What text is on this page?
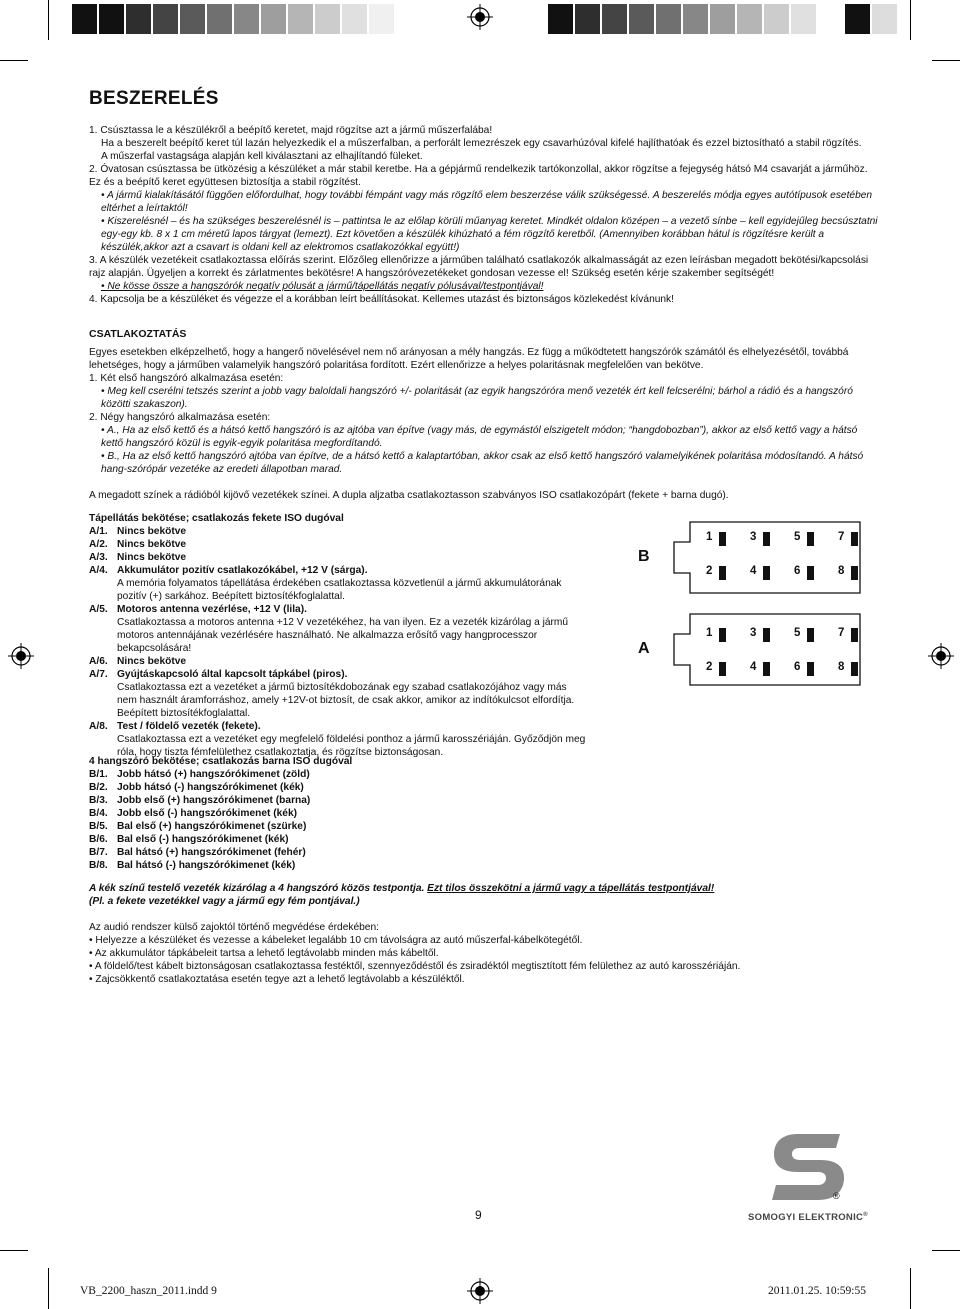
BESZERELÉS

1. Csúsztassa le a készülékről a beépítő keretet, majd rögzítse azt a jármű műszerfalába!

Ha a beszerelt beépítő keret túl lazán helyezkedik el a műszerfalban, a perforált lemezrészek egy csavarhúzóval kifelé hajlíthatóak és ezzel biztosítható a stabil rögzítés.

A műszerfal vastagsága alapján kell kiválasztani az elhajlítandó füleket.

2. Óvatosan csúsztassa be ütközésig a készüléket a már stabil keretbe. Ha a gépjármű rendelkezik tartókonzollal, akkor rögzítse a fejegység hátsó M4 csavarját a járműhöz. Ez és a beépítő keret együttesen biztosítja a stabil rögzítést.

• A jármű kialakításától függően előfordulhat, hogy további fémpánt vagy más rögzítő elem beszerzése válik szükségessé. A beszerelés módja egyes autótípusok esetében eltérhet a leírtaktól!

• Kiszerelésnél – és ha szükséges beszerelésnél is – pattintsa le az előlap körüli műanyag keretet. Mindkét oldalon középen – a vezető sínbe – kell egyidejűleg becsúsztatni egy-egy kb. 8 x 1 cm méretű lapos tárgyat (lemezt). Ezt követően a készülék kihúzható a fém rögzítő keretből. (Amennyiben korábban hátul is rögzítésre került a készülék,akkor azt a csavart is oldani kell az elektromos csatlakozókkal együtt!)

3. A készülék vezetékeit csatlakoztassa előírás szerint. Előzőleg ellenőrizze a járműben található csatlakozók alkalmasságát az ezen leírásban megadott bekötési/kapcsolási rajz alapján. Ügyeljen a korrekt és zárlatmentes bekötésre! A hangszóróvezetékeket gondosan vezesse el! Szükség esetén kérje szakember segítségét!

• Ne kösse össze a hangszórók negatív pólusát a jármű/tápellátás negatív pólusával/testpontjával!

4. Kapcsolja be a készüléket és végezze el a korábban leírt beállításokat. Kellemes utazást és biztonságos közlekedést kívánunk!

CSATLAKOZTATÁS

Egyes esetekben elképzelhető, hogy a hangerő növelésével nem nő arányosan a mély hangzás. Ez függ a működtetett hangszórók számától és elhelyezésétől, továbbá lehetséges, hogy a járműben valamelyik hangszóró polaritása fordított. Ezért ellenőrizze a helyes polaritásnak megfelelően van bekötve.

1. Két első hangszóró alkalmazása esetén:

• Meg kell cserélni tetszés szerint a jobb vagy baloldali hangszóró +/- polaritását (az egyik hangszóróra menő vezeték ért kell felcserélni; bárhol a rádió és a hangszóró közötti szakaszon).

2. Négy hangszóró alkalmazása esetén:

• A., Ha az első kettő és a hátsó kettő hangszóró is az ajtóba van építve (vagy más, de egymástól elszigetelt módon; “hangdobozban”), akkor az első kettő vagy a hátsó kettő hangszóró közül is egyik-egyik polaritása megfordítandó.

• B., Ha az első kettő hangszóró ajtóba van építve, de a hátsó kettő a kalaptartóban, akkor csak az első kettő hangszóró valamelyikének polaritása módosítandó. A hátsó hang-szórópár vezetéke az eredeti állapotban marad.

A megadott színek a rádióból kijövő vezetékek színei. A dupla aljzatba csatlakoztasson szabványos ISO csatlakozópárt (fekete + barna dugó).

Tápellátás bekötése; csatlakozás fekete ISO dugóval

A/1. Nincs bekötve
A/2. Nincs bekötve
A/3. Nincs bekötve
A/4. Akkumulátor pozitív csatlakozókábel, +12 V (sárga).
A memória folyamatos tápellátása érdekében csatlakoztassa közvetlenül a jármű akkumulátorának pozitív (+) sarkához. Beépített biztosítékfoglalattal.
A/5. Motoros antenna vezérlése, +12 V (lila).
Csatlakoztassa a motoros antenna +12 V vezetékéhez, ha van ilyen. Ez a vezeték kizárólag a jármű motoros antennájának vezérlésére használható. Ne alkalmazza erősítő vagy hangprocesszor bekapcsolására!
A/6. Nincs bekötve
A/7. Gyújtáskapcsoló által kapcsolt tápkábel (piros).
Csatlakoztassa ezt a vezetéket a jármű biztosítékdobozának egy szabad csatlakozójához vagy más nem használt áramforráshoz, amely +12V-ot biztosít, de csak akkor, amikor az indítókulcsot elfordítja. Beépített biztosítékfoglalattal.
A/8. Test / földelő vezeték (fekete).
Csatlakoztassa ezt a vezetéket egy megfelelő földelési ponthoz a jármű karosszériáján. Győződjön meg róla, hogy tiszta fémfelülethez csatlakoztatja, és rögzítse biztonságosan.

4 hangszóró bekötése; csatlakozás barna ISO dugóval

B/1. Jobb hátsó (+) hangszórókimenet (zöld)
B/2. Jobb hátsó (-) hangszórókimenet (kék)
B/3. Jobb első (+) hangszórókimenet (barna)
B/4. Jobb első (-) hangszórókimenet (kék)
B/5. Bal első (+) hangszórókimenet (szürke)
B/6. Bal első (-) hangszórókimenet (kék)
B/7. Bal hátsó (+) hangszórókimenet (fehér)
B/8. Bal hátsó (-) hangszórókimenet (kék)

A kék színű testelő vezeték kizárólag a 4 hangszóró közös testpontja. Ezt tilos összekötni a jármű vagy a tápellátás testpontjával!

(Pl. a fekete vezetékkel vagy a jármű egy fém pontjával.)

Az audió rendszer külső zajoktól történő megvédése érdekében:

• Helyezze a készüléket és vezesse a kábeleket legalább 10 cm távolságra az autó műszerfal-kábelkötegétől.

• Az akkumulátor tápkábeleit tartsa a lehető legtávolabb minden más kábeltől.

• A földelő/test kábelt biztonságosan csatlakoztassa festéktől, szennyeződéstől és zsiradéktól megtisztított fém felülethez az autó karosszériáján.

• Zajcsökkentő csatlakoztatása esetén tegye azt a lehető legtávolabb a készüléktől.

B
A
1	3	5	7
2	4	6	8
1	3	5	7
2	4	6	8
®
SOMOGYI ELEKTRONIC®
9
VB_2200_haszn_2011.indd 9	2011.01.25. 10:59:55
